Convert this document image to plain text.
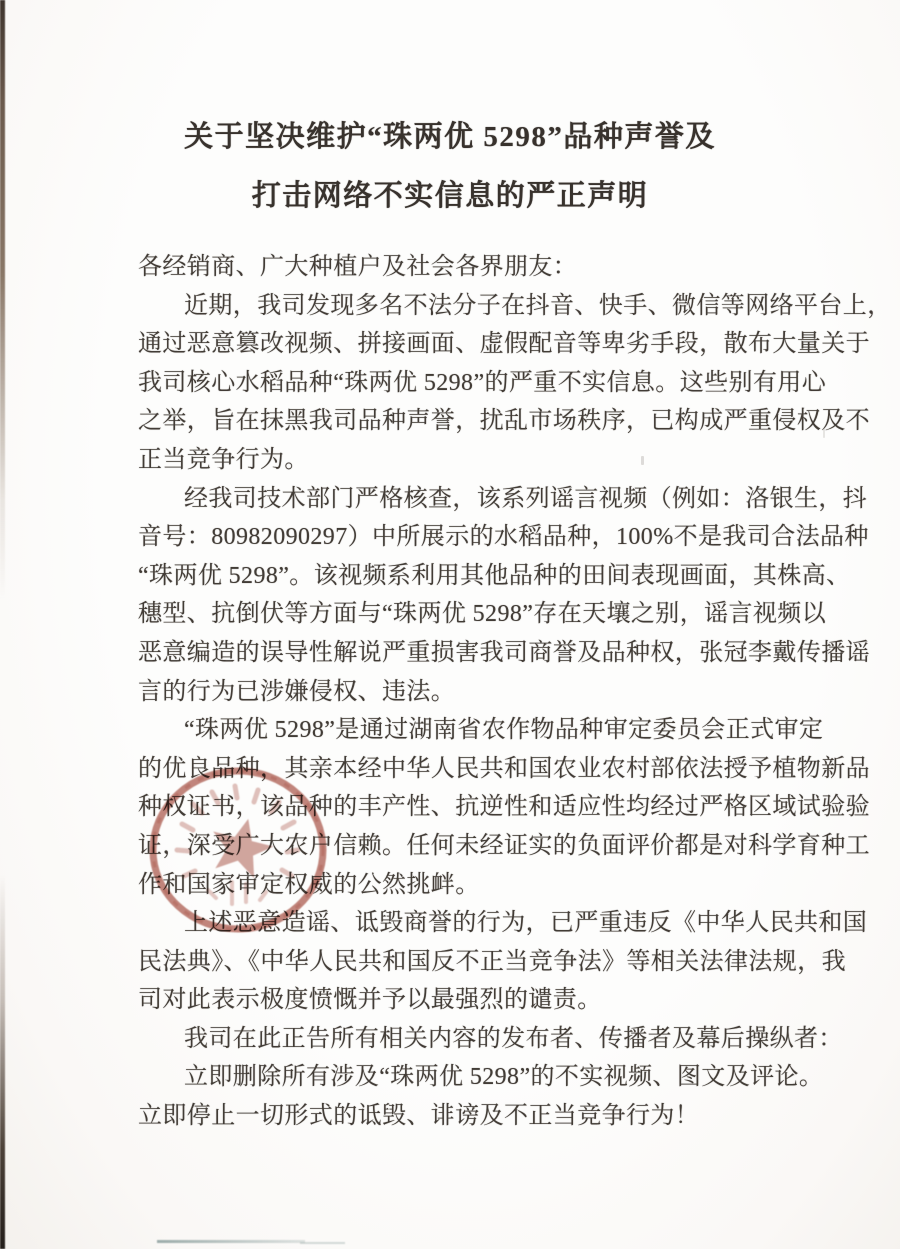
关于坚决维护“珠两优 5298”品种声誉及
打击网络不实信息的严正声明
各经销商、广大种植户及社会各界朋友：
近期，我司发现多名不法分子在抖音、快手、微信等网络平台上，
通过恶意篡改视频、拼接画面、虚假配音等卑劣手段，散布大量关于
我司核心水稻品种“珠两优 5298”的严重不实信息。这些别有用心
之举，旨在抹黑我司品种声誉，扰乱市场秩序，已构成严重侵权及不
正当竞争行为。
经我司技术部门严格核查，该系列谣言视频（例如：洛银生，抖
音号：80982090297）中所展示的水稻品种，100%不是我司合法品种
“珠两优 5298”。该视频系利用其他品种的田间表现画面，其株高、
穗型、抗倒伏等方面与“珠两优 5298”存在天壤之别，谣言视频以
恶意编造的误导性解说严重损害我司商誉及品种权，张冠李戴传播谣
言的行为已涉嫌侵权、违法。
“珠两优 5298”是通过湖南省农作物品种审定委员会正式审定
的优良品种，其亲本经中华人民共和国农业农村部依法授予植物新品
种权证书，该品种的丰产性、抗逆性和适应性均经过严格区域试验验
证，深受广大农户信赖。任何未经证实的负面评价都是对科学育种工
作和国家审定权威的公然挑衅。
上述恶意造谣、诋毁商誉的行为，已严重违反《中华人民共和国
民法典》、《中华人民共和国反不正当竞争法》等相关法律法规，我
司对此表示极度愤慨并予以最强烈的谴责。
我司在此正告所有相关内容的发布者、传播者及幕后操纵者：
立即删除所有涉及“珠两优 5298”的不实视频、图文及评论。
立即停止一切形式的诋毁、诽谤及不正当竞争行为！
